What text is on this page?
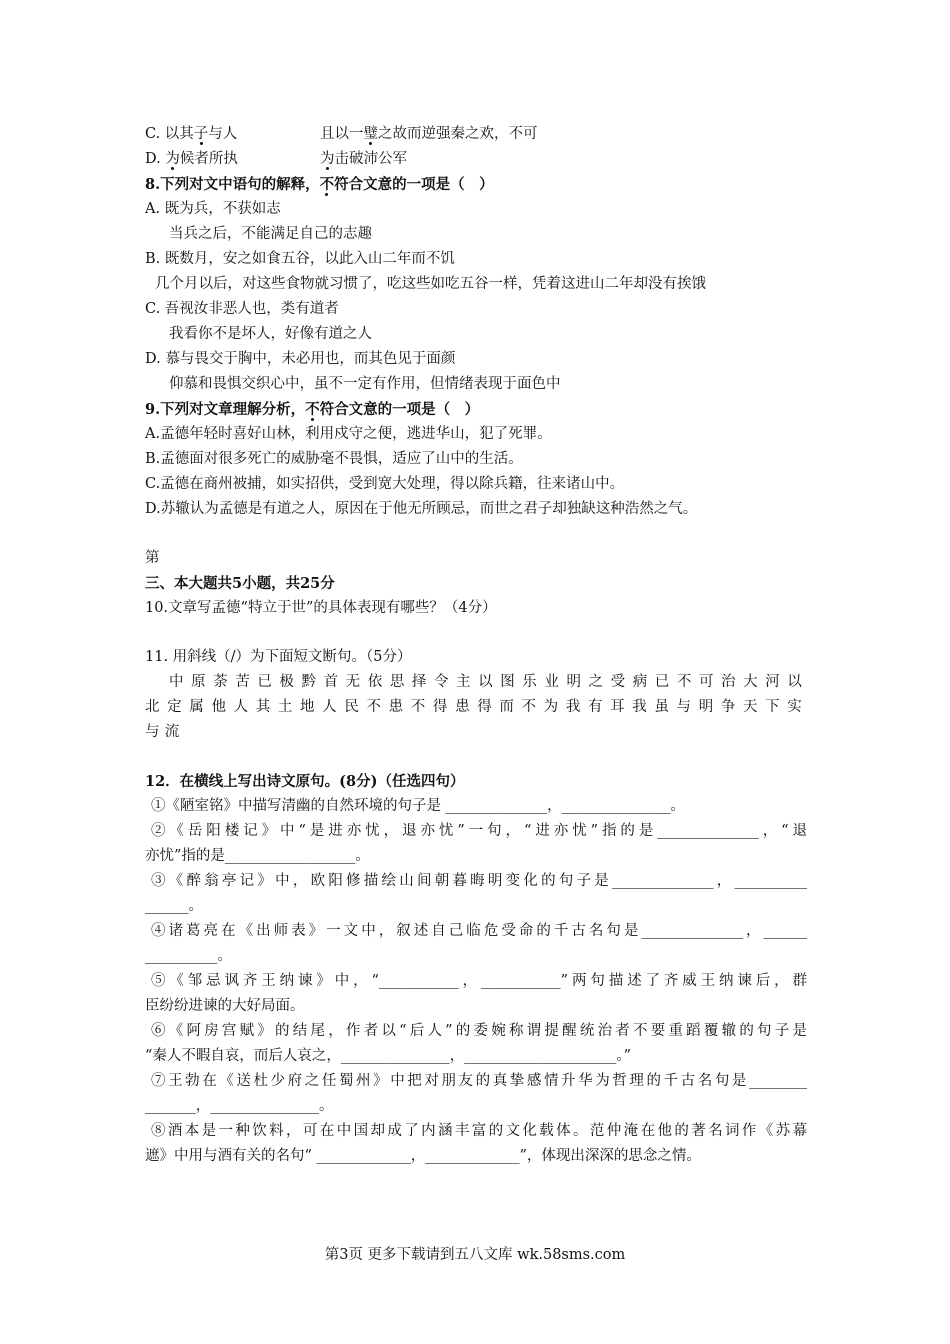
C. 以其子与人	且以一璧之故而逆强秦之欢，不可
D. 为候者所执	为击破沛公军
8.下列对文中语句的解释，不符合文意的一项是（　）
A. 既为兵，不获如志
当兵之后，不能满足自己的志趣
B. 既数月，安之如食五谷，以此入山二年而不饥
几个月以后，对这些食物就习惯了，吃这些如吃五谷一样，凭着这进山二年却没有挨饿
C. 吾视汝非恶人也，类有道者
我看你不是坏人，好像有道之人
D. 慕与畏交于胸中，未必用也，而其色见于面颜
仰慕和畏惧交织心中，虽不一定有作用，但情绪表现于面色中
9.下列对文章理解分析，不符合文意的一项是（　）
A.孟德年轻时喜好山林，利用戍守之便，逃进华山，犯了死罪。
B.孟德面对很多死亡的威胁毫不畏惧，适应了山中的生活。
C.孟德在商州被捕，如实招供，受到宽大处理，得以除兵籍，往来诸山中。
D.苏辙认为孟德是有道之人，原因在于他无所顾忌，而世之君子却独缺这种浩然之气。
第
三、本大题共5小题，共25分
10.文章写孟德“特立于世”的具体表现有哪些？（4分）
11. 用斜线（/）为下面短文断句。（5分）
中原荼苦已极黔首无依思择令主以图乐业明之受病已不可治大河以
北定属他人其土地人民不患不得患得而不为我有耳我虽与明争天下实
与流
12．在横线上写出诗文原句。(8分)（任选四句）
①《陋室铭》中描写清幽的自然环境的句子是 ______________，_______________。
②《岳阳楼记》中“是进亦忧，退亦忧”一句，“进亦忧”指的是______________，“退
亦忧”指的是__________________。
③《醉翁亭记》中，欧阳修描绘山间朝暮晦明变化的句子是______________，__________
______。
④诸葛亮在《出师表》一文中，叙述自己临危受命的千古名句是______________，______
__________。
⑤《邹忌讽齐王纳谏》中，“___________，___________”两句描述了齐威王纳谏后，群
臣纷纷进谏的大好局面。
⑥《阿房宫赋》的结尾，作者以“后人”的委婉称谓提醒统治者不要重蹈覆辙的句子是
“秦人不暇自哀，而后人哀之，_______________，_____________________。”
⑦王勃在《送杜少府之任蜀州》中把对朋友的真挚感情升华为哲理的千古名句是________
_______，_______________。
⑧酒本是一种饮料，可在中国却成了内涵丰富的文化载体。范仲淹在他的著名词作《苏幕
遮》中用与酒有关的名句“ _____________，_____________”，体现出深深的思念之情。
第3页 更多下载请到五八文库 wk.58sms.com
